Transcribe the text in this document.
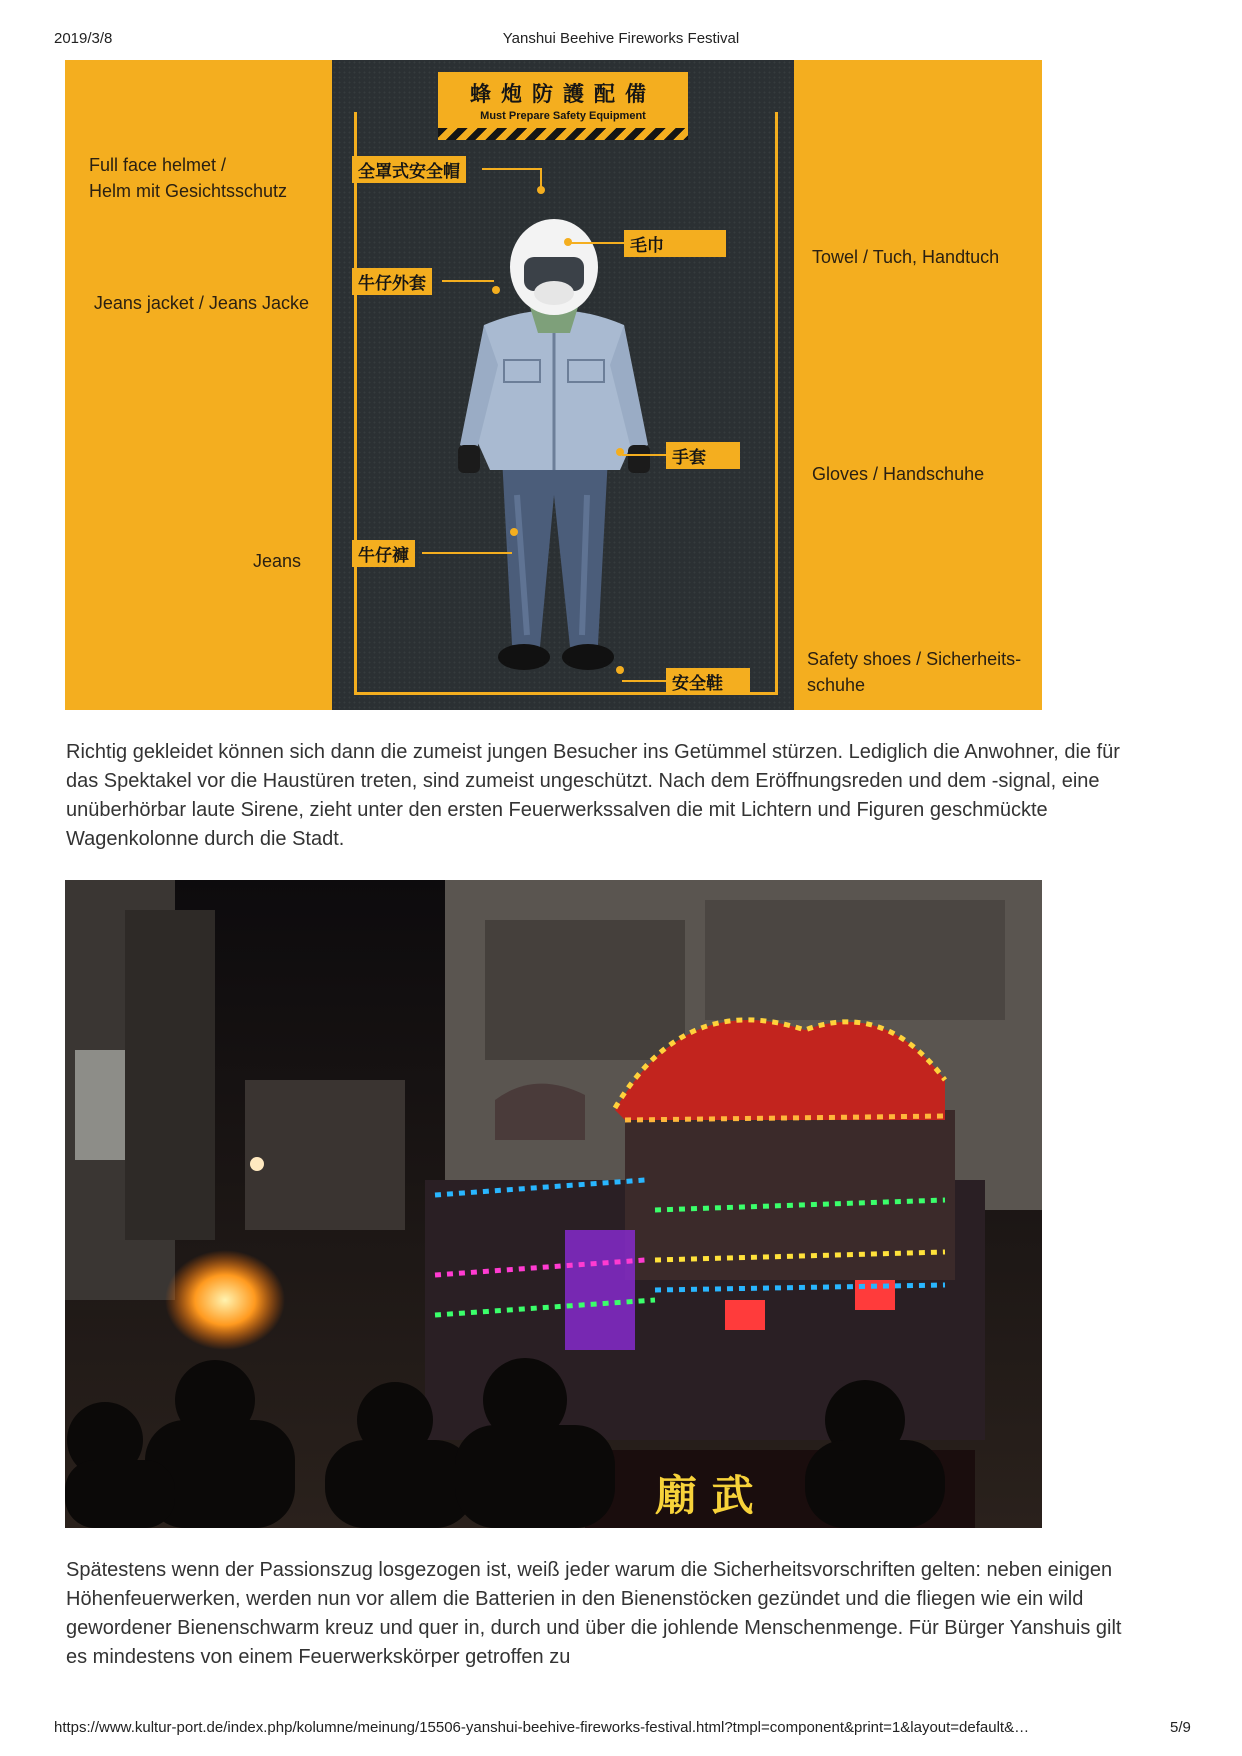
2019/3/8	Yanshui Beehive Fireworks Festival
蜂炮防護配備
Must Prepare Safety Equipment
全罩式安全帽
毛巾
牛仔外套
手套
牛仔褲
安全鞋
Full face helmet /
Helm mit Gesichtsschutz
Jeans jacket / Jeans Jacke
Jeans
Towel / Tuch, Handtuch
Gloves / Handschuhe
Safety shoes / Sicherheits-
schuhe

Richtig gekleidet können sich dann die zumeist jungen Besucher ins Getümmel stürzen. Lediglich die Anwohner, die für das Spektakel vor die Haustüren treten, sind zumeist ungeschützt. Nach dem Eröffnungsreden und dem -signal, eine unüberhörbar laute Sirene, zieht unter den ersten Feuerwerkssalven die mit Lichtern und Figuren geschmückte Wagenkolonne durch die Stadt.

廟 武

Spätestens wenn der Passionszug losgezogen ist, weiß jeder warum die Sicherheitsvorschriften gelten: neben einigen Höhenfeuerwerken, werden nun vor allem die Batterien in den Bienenstöcken gezündet und die fliegen wie ein wild gewordener Bienenschwarm kreuz und quer in, durch und über die johlende Menschenmenge. Für Bürger Yanshuis gilt es mindestens von einem Feuerwerkskörper getroffen zu

https://www.kultur-port.de/index.php/kolumne/meinung/15506-yanshui-beehive-fireworks-festival.html?tmpl=component&print=1&layout=default&…	5/9
